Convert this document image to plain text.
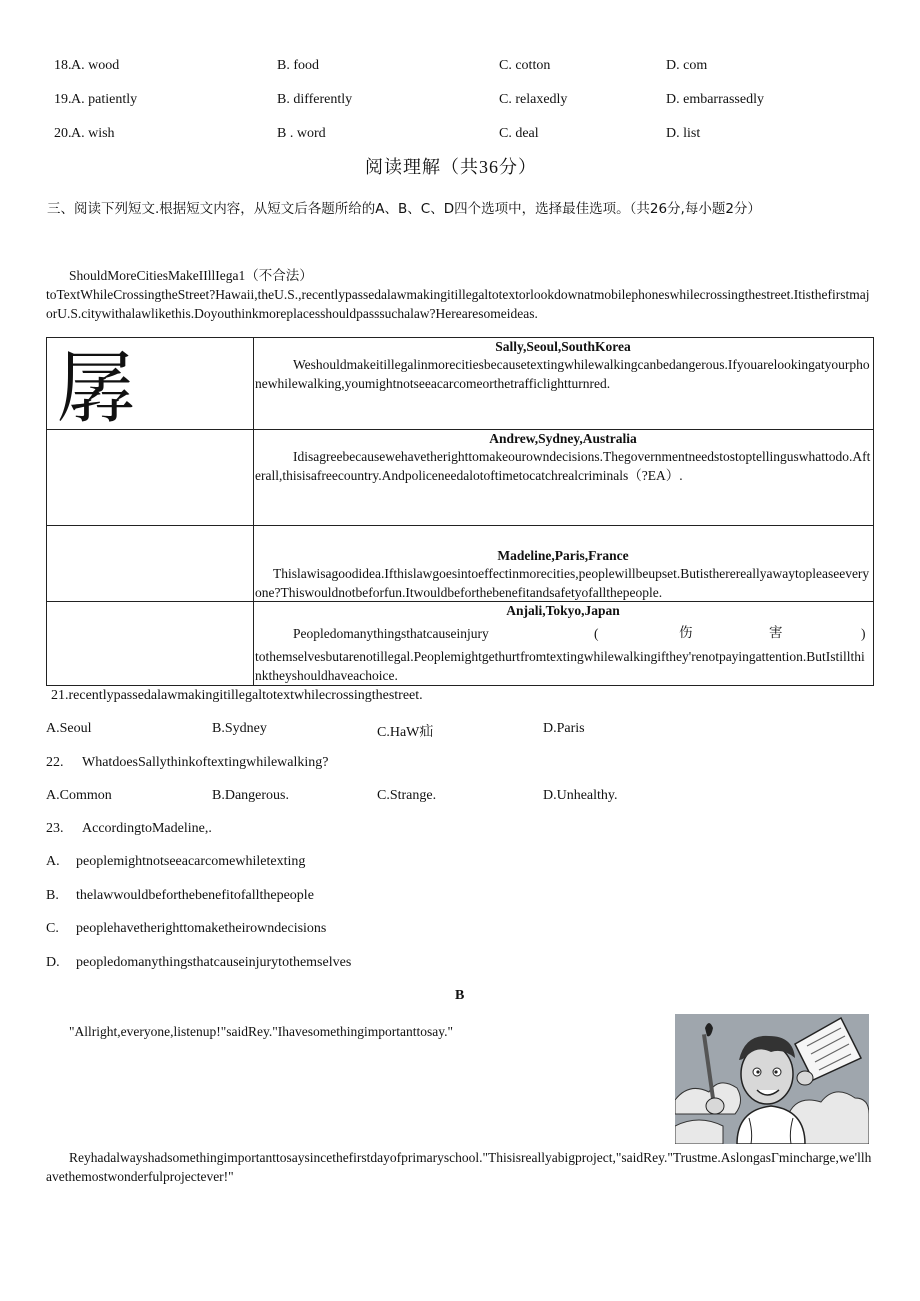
18. A. wood	B. food	C. cotton	D. com
19. A. patiently	B. differently	C. relaxedly	D. embarrassedly
20. A. wish	B . word	C. deal	D. list
阅读理解（共36分）
三、阅读下列短文.根据短文内容，从短文后各题所给的A、B、C、D四个选项中，选择最佳选项。（共26分,每小题2分）
ShouldMoreCitiesMakeIIllIega1（不合法）
toTextWhileCrossingtheStreet?Hawaii,theU.S.,recentlypassedalawmakingitillegaltotextorlookdownatmobilephoneswhilecrossingthestreet.ItisthefirstmajorU.S.citywithalawlikethis.Doyouthinkmoreplacesshouldpasssuchalaw?Herearesomeideas.
孱	Sally,Seoul,SouthKorea
Weshouldmakeitillegalinmorecitiesbecausetextingwhilewalkingcanbedangerous.Ifyouarelookingatyourphonewhilewalking,youmightnotseeacarcomeorthetrafficlightturnred.
Andrew,Sydney,Australia
Idisagreebecausewehavetherighttomakeourowndecisions.Thegovernmentneedstostoptellinguswhattodo.Afterall,thisisafreecountry.Andpoliceneedalotoftimetocatchrealcriminals（?EA）.
Madeline,Paris,France
Thislawisagoodidea.Ifthislawgoesintoeffectinmorecities,peoplewillbeupset.Butistherereallyawaytopleaseeveryone?Thiswouldnotbeforfun.Itwouldbeforthebenefitandsafetyofallthepeople.
Anjali,Tokyo,Japan
Peopledomanythingsthatcauseinjury	(	伤	害	)
tothemselvesbutarenotillegal.Peoplemightgethurtfromtextingwhilewalkingifthey'renotpayingattention.ButIstillthinktheyshouldhaveachoice.
21.recentlypassedalawmakingitillegaltotextwhilecrossingthestreet.
A.Seoul	B.Sydney	C.HaW疝	D.Paris
22. WhatdoesSallythinkoftextingwhilewalking?
A.Common	B.Dangerous.	C.Strange.	D.Unhealthy.
23. AccordingtoMadeline,.
A. peoplemightnotseeacarcomewhiletexting
B. thelawwouldbeforthebenefitofallthepeople
C. peoplehavetherighttomaketheirowndecisions
D. peopledomanythingsthatcauseinjurytothemselves
B
"Allright,everyone,listenup!"saidRey."Ihavesomethingimportanttosay."
Reyhadalwayshadsomethingimportanttosaysincethefirstdayofprimaryschool."Thisisreallyabigproject,"saidRey."Trustme.AslongasΓmincharge,we'llhavethemostwonderfulprojectever!"
